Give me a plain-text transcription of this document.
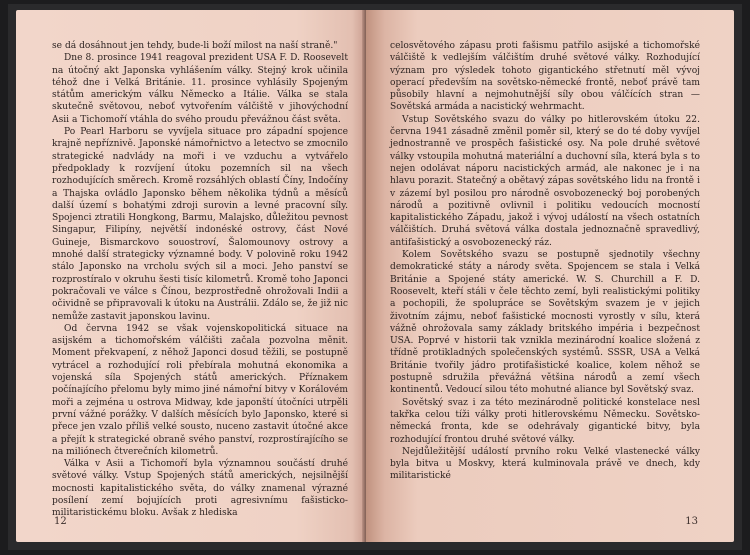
se dá dosáhnout jen tehdy, bude-li boží milost na naší straně."

Dne 8. prosince 1941 reagoval prezident USA F. D. Roosevelt na útočný akt Japonska vyhlášením války. Stejný krok učinila téhož dne i Velká Británie. 11. prosince vyhlásily Spojeným státům americkým válku Německo a Itálie. Válka se stala skutečně světovou, neboť vytvořením válčiště v jihovýchodní Asii a Tichomoří vtáhla do svého proudu převážnou část světa.

Po Pearl Harboru se vyvíjela situace pro západní spojence krajně nepříznivě. Japonské námořnictvo a letectvo se zmocnilo strategické nadvlády na moři i ve vzduchu a vytvářelo předpoklady k rozvíjení útoku pozemních sil na všech rozhodujících směrech. Kromě rozsáhlých oblastí Číny, Indočíny a Thajska ovládlo Japonsko během několika týdnů a měsíců další území s bohatými zdroji surovin a levné pracovní síly. Spojenci ztratili Hongkong, Barmu, Malajsko, důležitou pevnost Singapur, Filipíny, největší indonéské ostrovy, část Nové Guineje, Bismarckovo souostroví, Šalomounovy ostrovy a mnohé další strategicky významné body. V polovině roku 1942 stálo Japonsko na vrcholu svých sil a moci. Jeho panství se rozprostíralo v okruhu šesti tisíc kilometrů. Kromě toho Japonci pokračovali ve válce s Čínou, bezprostředně ohrožovali Indii a očividně se připravovali k útoku na Austrálii. Zdálo se, že již nic nemůže zastavit japonskou lavinu.

Od června 1942 se však vojenskopolitická situace na asijském a tichomořském válčišti začala pozvolna měnit. Moment překvapení, z něhož Japonci dosud těžili, se postupně vytrácel a rozhodující roli přebírala mohutná ekonomika a vojenská síla Spojených států amerických. Příznakem počínajícího přelomu byly mimo jiné námořní bitvy v Korálovém moři a zejména u ostrova Midway, kde japonští útočníci utrpěli první vážné porážky. V dalších měsících bylo Japonsko, které si přece jen vzalo příliš velké sousto, nuceno zastavit útočné akce a přejít k strategické obraně svého panství, rozprostírajícího se na miliónech čtverečních kilometrů.

Válka v Asii a Tichomoří byla významnou součástí druhé světové války. Vstup Spojených států amerických, nejsilnější mocnosti kapitalistického světa, do války znamenal výrazné posílení zemí bojujících proti agresivnímu fašisticko-militaristickému bloku. Avšak z hlediska

12

celosvětového zápasu proti fašismu patřilo asijské a tichomořské válčiště k vedlejším válčištím druhé světové války. Rozhodující význam pro výsledek tohoto gigantického střetnutí měl vývoj operací především na sovětsko-německé frontě, neboť právě tam působily hlavní a nejmohutnější síly obou válčících stran — Sovětská armáda a nacistický wehrmacht.

Vstup Sovětského svazu do války po hitlerovském útoku 22. června 1941 zásadně změnil poměr sil, který se do té doby vyvíjel jednostranně ve prospěch fašistické osy. Na pole druhé světové války vstoupila mohutná materiální a duchovní síla, která byla s to nejen odolávat náporu nacistických armád, ale nakonec je i na hlavu porazit. Statečný a obětavý zápas sovětského lidu na frontě i v zázemí byl posilou pro národně osvobozenecký boj porobených národů a pozitivně ovlivnil i politiku vedoucích mocností kapitalistického Západu, jakož i vývoj událostí na všech ostatních válčištích. Druhá světová válka dostala jednoznačně spravedlivý, antifašistický a osvobozenecký ráz.

Kolem Sovětského svazu se postupně sjednotily všechny demokratické státy a národy světa. Spojencem se stala i Velká Británie a Spojené státy americké. W. S. Churchill a F. D. Roosevelt, kteří stáli v čele těchto zemí, byli realistickými politiky a pochopili, že spolupráce se Sovětským svazem je v jejich životním zájmu, neboť fašistické mocnosti vyrostly v sílu, která vážně ohrožovala samy základy britského impéria i bezpečnost USA. Poprvé v historii tak vznikla mezinárodní koalice složená z třídně protikladných společenských systémů. SSSR, USA a Velká Británie tvořily jádro protifašistické koalice, kolem něhož se postupně sdružila převážná většina národů a zemí všech kontinentů. Vedoucí silou této mohutné aliance byl Sovětský svaz.

Sovětský svaz i za této mezinárodně politické konstelace nesl takřka celou tíži války proti hitlerovskému Německu. Sovětsko-německá fronta, kde se odehrávaly gigantické bitvy, byla rozhodující frontou druhé světové války.

Nejdůležitější událostí prvního roku Velké vlastenecké války byla bitva u Moskvy, která kulminovala právě ve dnech, kdy militaristické

13
